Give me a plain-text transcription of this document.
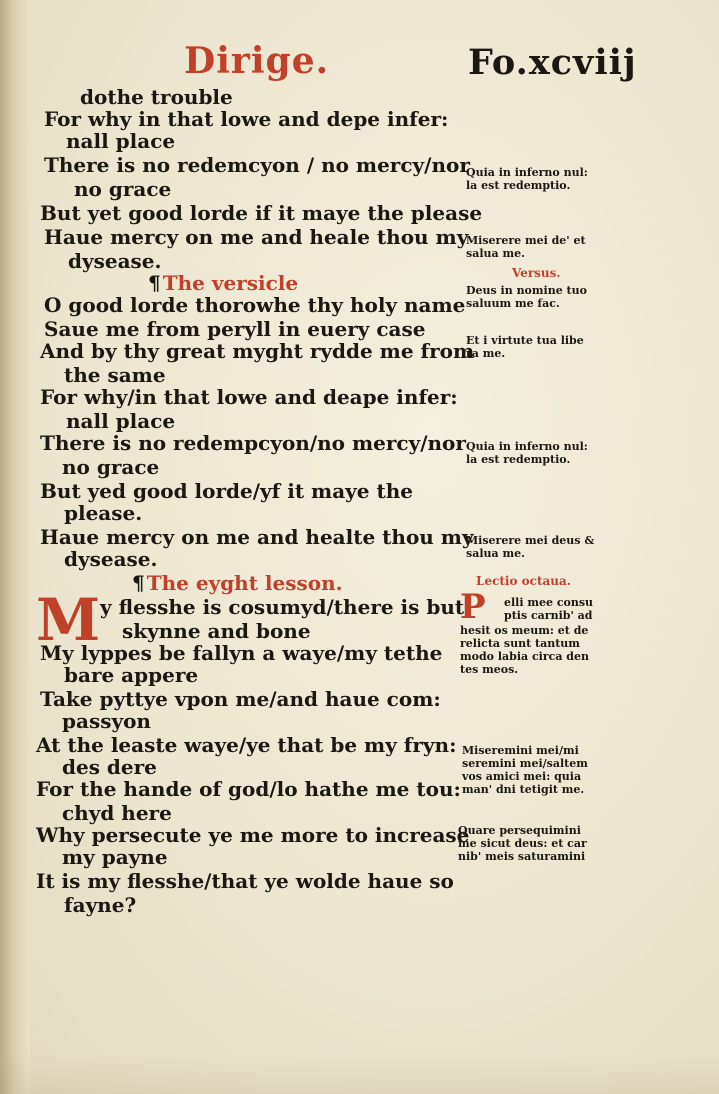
Dirige.	Fo.xcviij
dothe trouble
For why in that lowe and depe infer:
nall place
There is no redemcyon / no mercy/nor
no grace
But yet good lorde if it maye the please
Haue mercy on me and heale thou my
dysease.
¶ The versicle
O good lorde thorowhe thy holy name
Saue me from peryll in euery case
And by thy great myght rydde me from
the same
For why/in that lowe and deape infer:
nall place
There is no redempcyon/no mercy/nor
no grace
But yed good lorde/yf it maye the
please.
Haue mercy on me and healte thou my
dysease.
¶ The eyght lesson.
M y flesshe is cosumyd/there is but
skynne and bone
My lyppes be fallyn a waye/my tethe
bare appere
Take pyttye vpon me/and haue com:
passyon
At the leaste waye/ye that be my fryn:
des dere
For the hande of god/lo hathe me tou:
chyd here
Why persecute ye me more to increase
my payne
It is my flesshe/that ye wolde haue so
fayne?
Quia in inferno nul:
la est redemptio.
Miserere mei de' et
salua me.
Versus.
Deus in nomine tuo
saluum me fac.
Et i virtute tua libe
ra me.
Quia in inferno nul:
la est redemptio.
Miserere mei deus &
salua me.
Lectio octaua.
P elli mee consu
ptis carnib' ad
hesit os meum: et de
relicta sunt tantum
modo labia circa den
tes meos.
Miseremini mei/mi
seremini mei/saltem
vos amici mei: quia
man' dni tetigit me.
Quare persequimini
me sicut deus: et car
nib' meis saturamini
